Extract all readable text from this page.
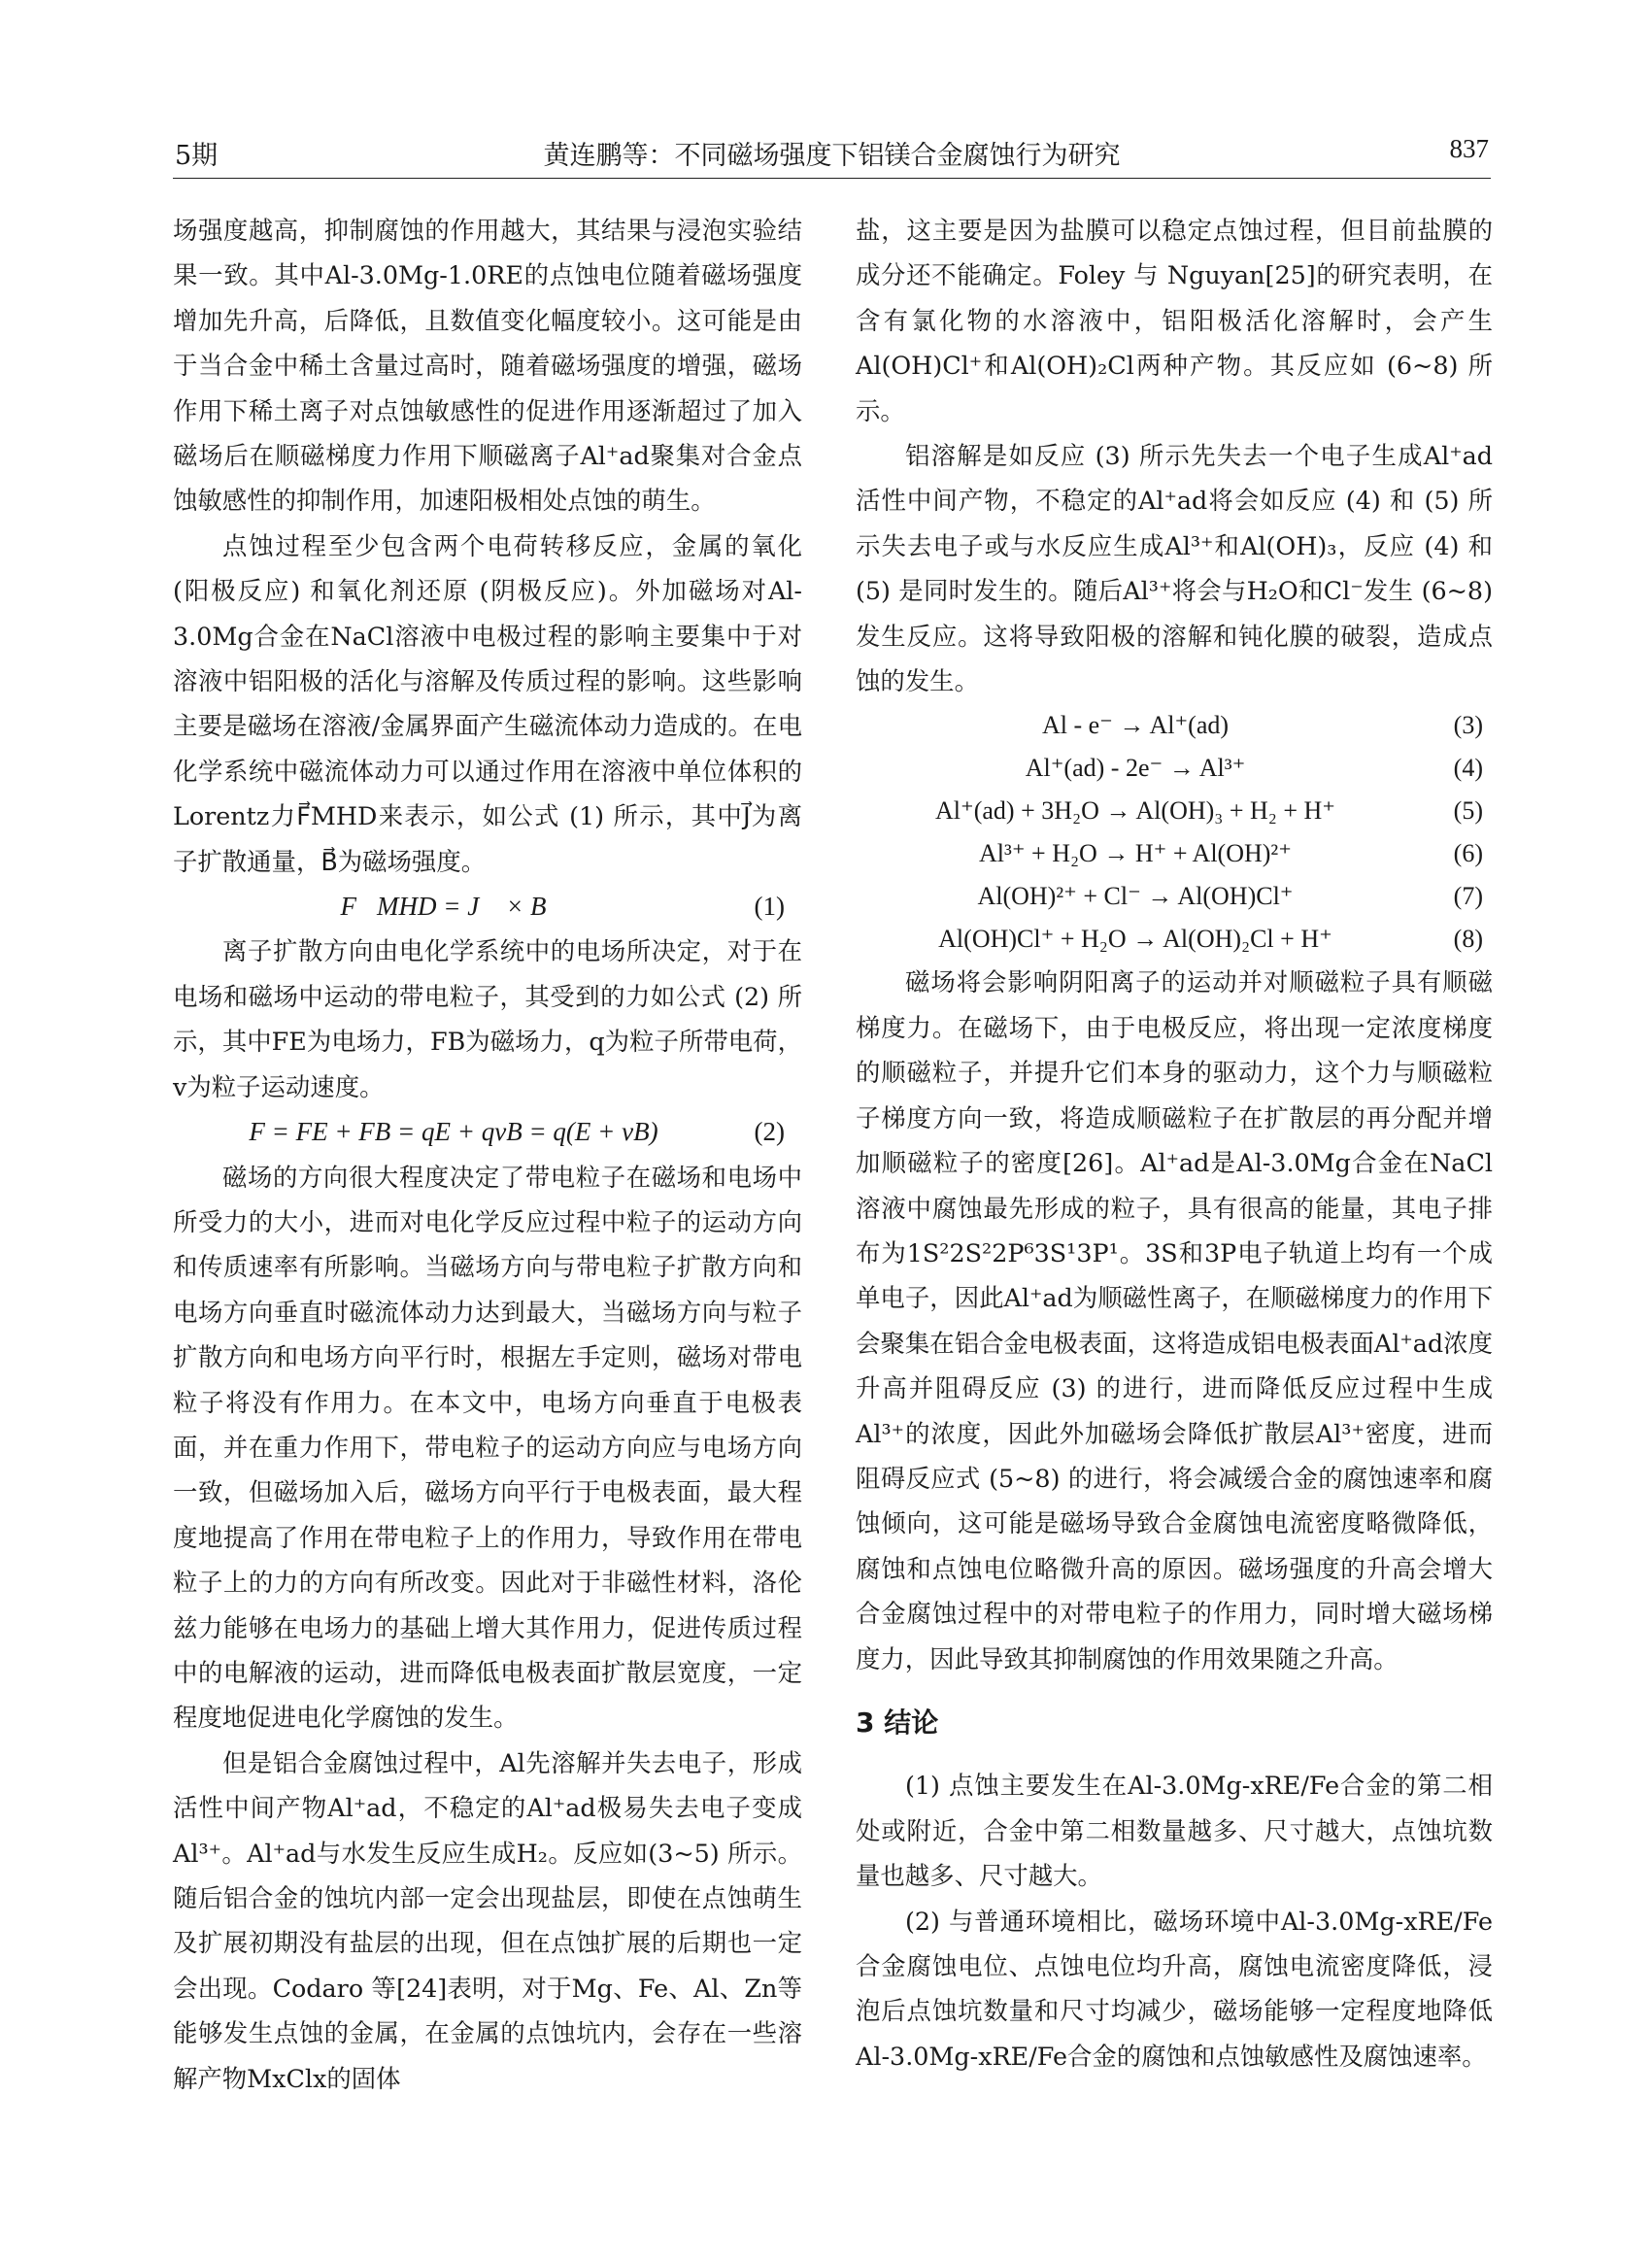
5期	黄连鹏等：不同磁场强度下铝镁合金腐蚀行为研究	837

场强度越高，抑制腐蚀的作用越大，其结果与浸泡实验结果一致。其中Al-3.0Mg-1.0RE的点蚀电位随着磁场强度增加先升高，后降低，且数值变化幅度较小。这可能是由于当合金中稀土含量过高时，随着磁场强度的增强，磁场作用下稀土离子对点蚀敏感性的促进作用逐渐超过了加入磁场后在顺磁梯度力作用下顺磁离子Al⁺ad聚集对合金点蚀敏感性的抑制作用，加速阳极相处点蚀的萌生。

点蚀过程至少包含两个电荷转移反应，金属的氧化 (阳极反应) 和氧化剂还原 (阴极反应)。外加磁场对Al-3.0Mg合金在NaCl溶液中电极过程的影响主要集中于对溶液中铝阳极的活化与溶解及传质过程的影响。这些影响主要是磁场在溶液/金属界面产生磁流体动力造成的。在电化学系统中磁流体动力可以通过作用在溶液中单位体积的Lorentz力F⃗MHD来表示，如公式 (1) 所示，其中J⃗为离子扩散通量，B⃗为磁场强度。

F⃗MHD = J⃗ × B⃗	(1)

离子扩散方向由电化学系统中的电场所决定，对于在电场和磁场中运动的带电粒子，其受到的力如公式 (2) 所示，其中FE为电场力，FB为磁场力，q为粒子所带电荷，v为粒子运动速度。

F = FE + FB = qE + qvB = q(E + vB)	(2)

磁场的方向很大程度决定了带电粒子在磁场和电场中所受力的大小，进而对电化学反应过程中粒子的运动方向和传质速率有所影响。当磁场方向与带电粒子扩散方向和电场方向垂直时磁流体动力达到最大，当磁场方向与粒子扩散方向和电场方向平行时，根据左手定则，磁场对带电粒子将没有作用力。在本文中，电场方向垂直于电极表面，并在重力作用下，带电粒子的运动方向应与电场方向一致，但磁场加入后，磁场方向平行于电极表面，最大程度地提高了作用在带电粒子上的作用力，导致作用在带电粒子上的力的方向有所改变。因此对于非磁性材料，洛伦兹力能够在电场力的基础上增大其作用力，促进传质过程中的电解液的运动，进而降低电极表面扩散层宽度，一定程度地促进电化学腐蚀的发生。

但是铝合金腐蚀过程中，Al先溶解并失去电子，形成活性中间产物Al⁺ad，不稳定的Al⁺ad极易失去电子变成Al³⁺。Al⁺ad与水发生反应生成H₂。反应如(3~5) 所示。随后铝合金的蚀坑内部一定会出现盐层，即使在点蚀萌生及扩展初期没有盐层的出现，但在点蚀扩展的后期也一定会出现。Codaro 等[24]表明，对于Mg、Fe、Al、Zn等能够发生点蚀的金属，在金属的点蚀坑内，会存在一些溶解产物MxClx的固体

盐，这主要是因为盐膜可以稳定点蚀过程，但目前盐膜的成分还不能确定。Foley 与 Nguyan[25]的研究表明，在含有氯化物的水溶液中，铝阳极活化溶解时，会产生Al(OH)Cl⁺和Al(OH)₂Cl两种产物。其反应如 (6~8) 所示。

铝溶解是如反应 (3) 所示先失去一个电子生成Al⁺ad活性中间产物，不稳定的Al⁺ad将会如反应 (4) 和 (5) 所示失去电子或与水反应生成Al³⁺和Al(OH)₃，反应 (4) 和 (5) 是同时发生的。随后Al³⁺将会与H₂O和Cl⁻发生 (6~8) 发生反应。这将导致阳极的溶解和钝化膜的破裂，造成点蚀的发生。

Al - e⁻ → Al⁺(ad)	(3)
Al⁺(ad) - 2e⁻ → Al³⁺	(4)
Al⁺(ad) + 3H₂O → Al(OH)₃ + H₂ + H⁺	(5)
Al³⁺ + H₂O → H⁺ + Al(OH)²⁺	(6)
Al(OH)²⁺ + Cl⁻ → Al(OH)Cl⁺	(7)
Al(OH)Cl⁺ + H₂O → Al(OH)₂Cl + H⁺	(8)

磁场将会影响阴阳离子的运动并对顺磁粒子具有顺磁梯度力。在磁场下，由于电极反应，将出现一定浓度梯度的顺磁粒子，并提升它们本身的驱动力，这个力与顺磁粒子梯度方向一致，将造成顺磁粒子在扩散层的再分配并增加顺磁粒子的密度[26]。Al⁺ad是Al-3.0Mg合金在NaCl溶液中腐蚀最先形成的粒子，具有很高的能量，其电子排布为1S²2S²2P⁶3S¹3P¹。3S和3P电子轨道上均有一个成单电子，因此Al⁺ad为顺磁性离子，在顺磁梯度力的作用下会聚集在铝合金电极表面，这将造成铝电极表面Al⁺ad浓度升高并阻碍反应 (3) 的进行，进而降低反应过程中生成Al³⁺的浓度，因此外加磁场会降低扩散层Al³⁺密度，进而阻碍反应式 (5~8) 的进行，将会减缓合金的腐蚀速率和腐蚀倾向，这可能是磁场导致合金腐蚀电流密度略微降低，腐蚀和点蚀电位略微升高的原因。磁场强度的升高会增大合金腐蚀过程中的对带电粒子的作用力，同时增大磁场梯度力，因此导致其抑制腐蚀的作用效果随之升高。

3 结论

(1) 点蚀主要发生在Al-3.0Mg-xRE/Fe合金的第二相处或附近，合金中第二相数量越多、尺寸越大，点蚀坑数量也越多、尺寸越大。

(2) 与普通环境相比，磁场环境中Al-3.0Mg-xRE/Fe合金腐蚀电位、点蚀电位均升高，腐蚀电流密度降低，浸泡后点蚀坑数量和尺寸均减少，磁场能够一定程度地降低Al-3.0Mg-xRE/Fe合金的腐蚀和点蚀敏感性及腐蚀速率。
